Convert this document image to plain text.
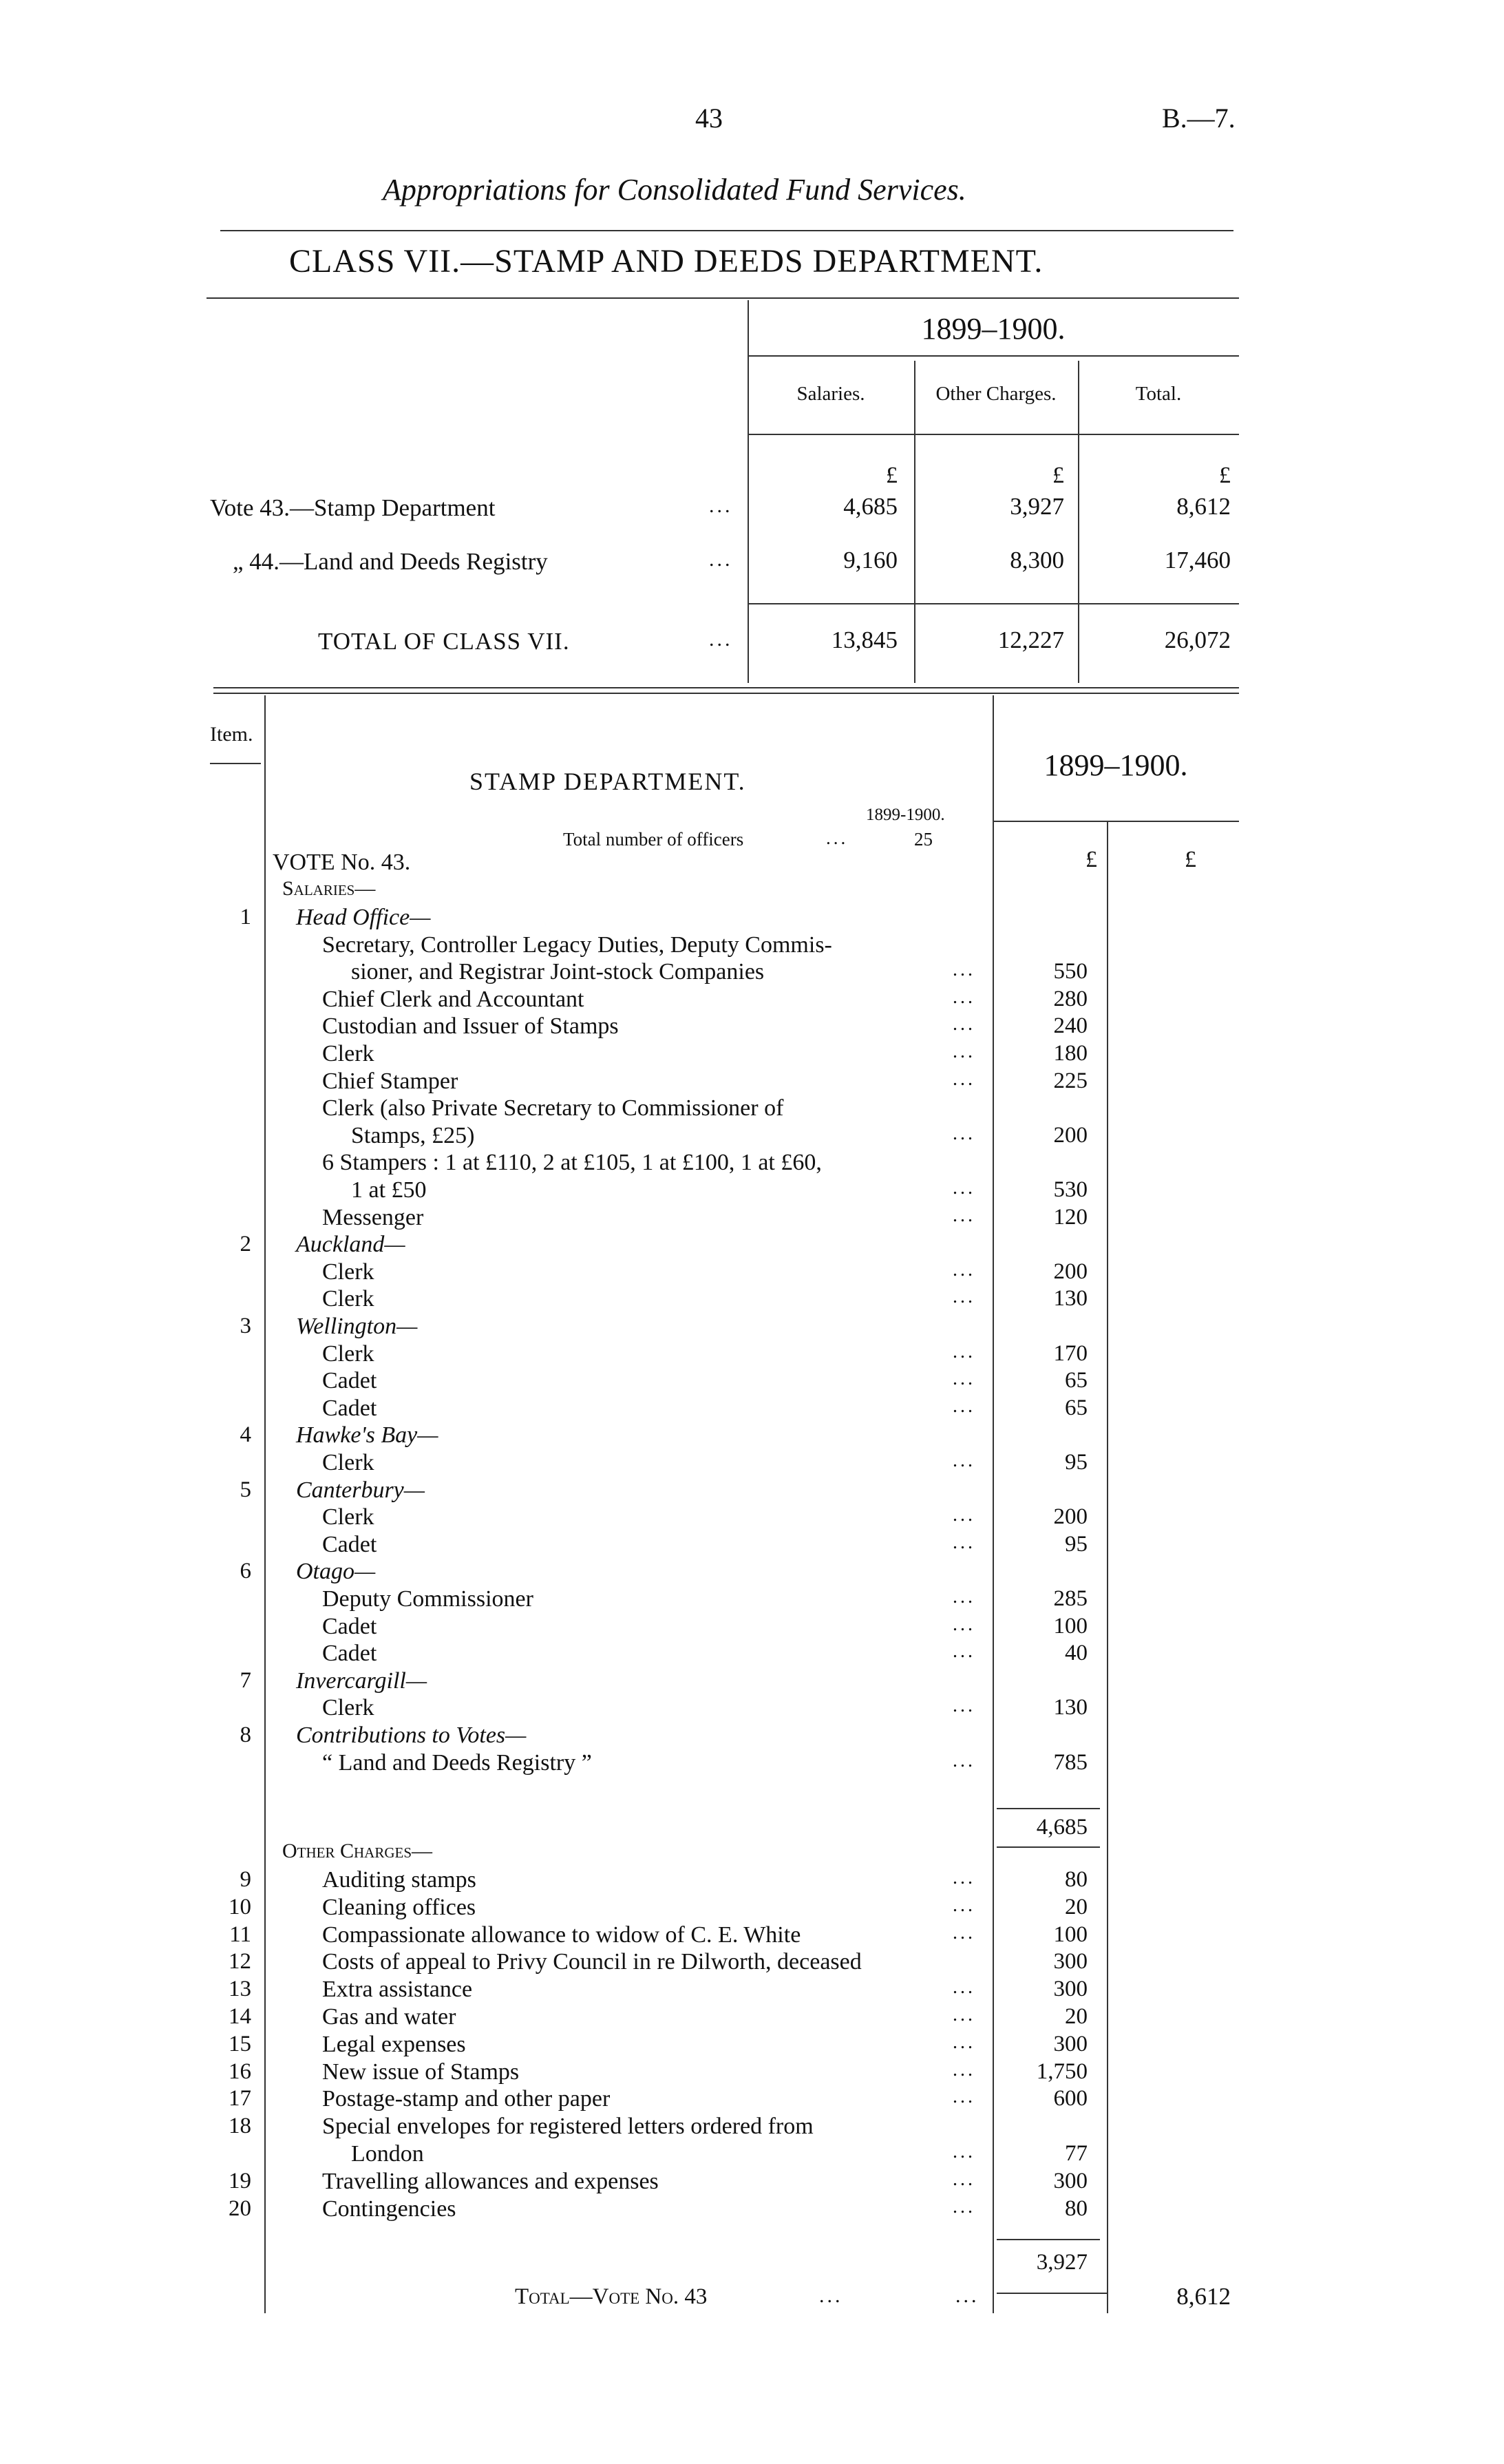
43	B.—7.
Appropriations for Consolidated Fund Services.
CLASS VII.—STAMP AND DEEDS DEPARTMENT.
1899–1900.
Salaries.	Other Charges.	Total.
£	£	£
Vote 43.—Stamp Department	...	4,685	3,927	8,612
„ 44.—Land and Deeds Registry	...	9,160	8,300	17,460
TOTAL OF CLASS VII.	...	13,845	12,227	26,072
Item.
STAMP DEPARTMENT.	1899–1900.
1899-1900.
Total number of officers	...	25
VOTE No. 43.	£	£
Salaries—
1 Head Office—
Secretary, Controller Legacy Duties, Deputy Commis-
sioner, and Registrar Joint-stock Companies	...	550
Chief Clerk and Accountant	...	280
Custodian and Issuer of Stamps	...	240
Clerk	...	180
Chief Stamper	...	225
Clerk (also Private Secretary to Commissioner of
Stamps, £25)	...	200
6 Stampers : 1 at £110, 2 at £105, 1 at £100, 1 at £60,
1 at £50	...	530
Messenger	...	120
2 Auckland—
Clerk	...	200
Clerk	...	130
3 Wellington—
Clerk	...	170
Cadet	...	65
Cadet	...	65
4 Hawke's Bay—
Clerk	...	95
5 Canterbury—
Clerk	...	200
Cadet	...	95
6 Otago—
Deputy Commissioner	...	285
Cadet	...	100
Cadet	...	40
7 Invercargill—
Clerk	...	130
8 Contributions to Votes—
“ Land and Deeds Registry ”	...	785
4,685
Other Charges—
9	Auditing stamps	...	80
10	Cleaning offices	...	20
11	Compassionate allowance to widow of C. E. White	...	100
12	Costs of appeal to Privy Council in re Dilworth, deceased	300
13	Extra assistance	...	300
14	Gas and water	...	20
15	Legal expenses	...	300
16	New issue of Stamps	...	1,750
17	Postage-stamp and other paper	...	600
18	Special envelopes for registered letters ordered from
London	...	77
19	Travelling allowances and expenses	...	300
20	Contingencies	...	80
3,927
Total—Vote No. 43	...	...	8,612
